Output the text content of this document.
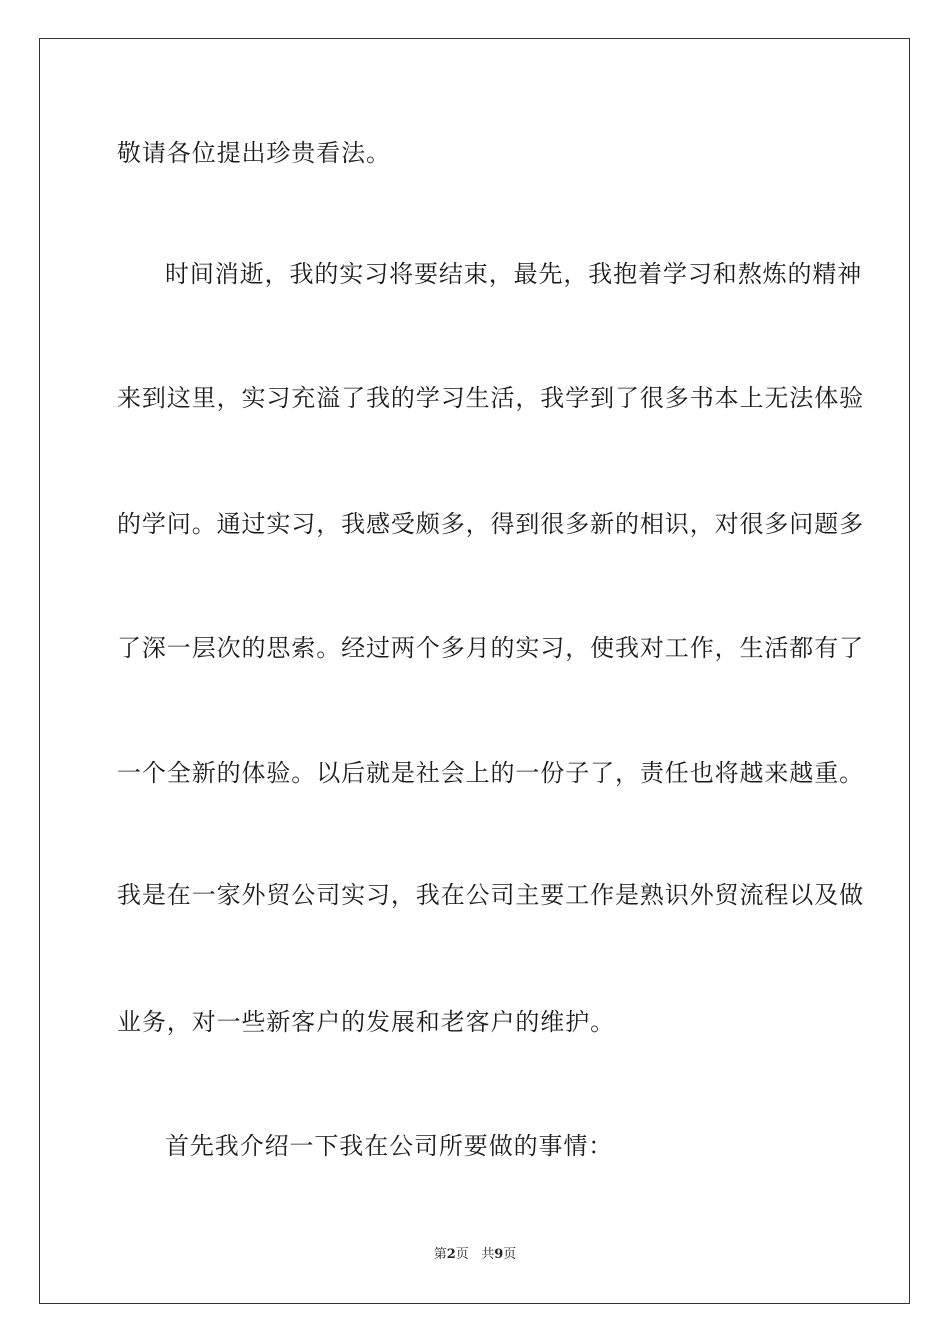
敬请各位提出珍贵看法。
时间消逝，我的实习将要结束，最先，我抱着学习和熬炼的精神
来到这里，实习充溢了我的学习生活，我学到了很多书本上无法体验
的学问。通过实习，我感受颇多，得到很多新的相识，对很多问题多
了深一层次的思索。经过两个多月的实习，使我对工作，生活都有了
一个全新的体验。以后就是社会上的一份子了，责任也将越来越重。
我是在一家外贸公司实习，我在公司主要工作是熟识外贸流程以及做
业务，对一些新客户的发展和老客户的维护。
首先我介绍一下我在公司所要做的事情：
第2页 共9页
